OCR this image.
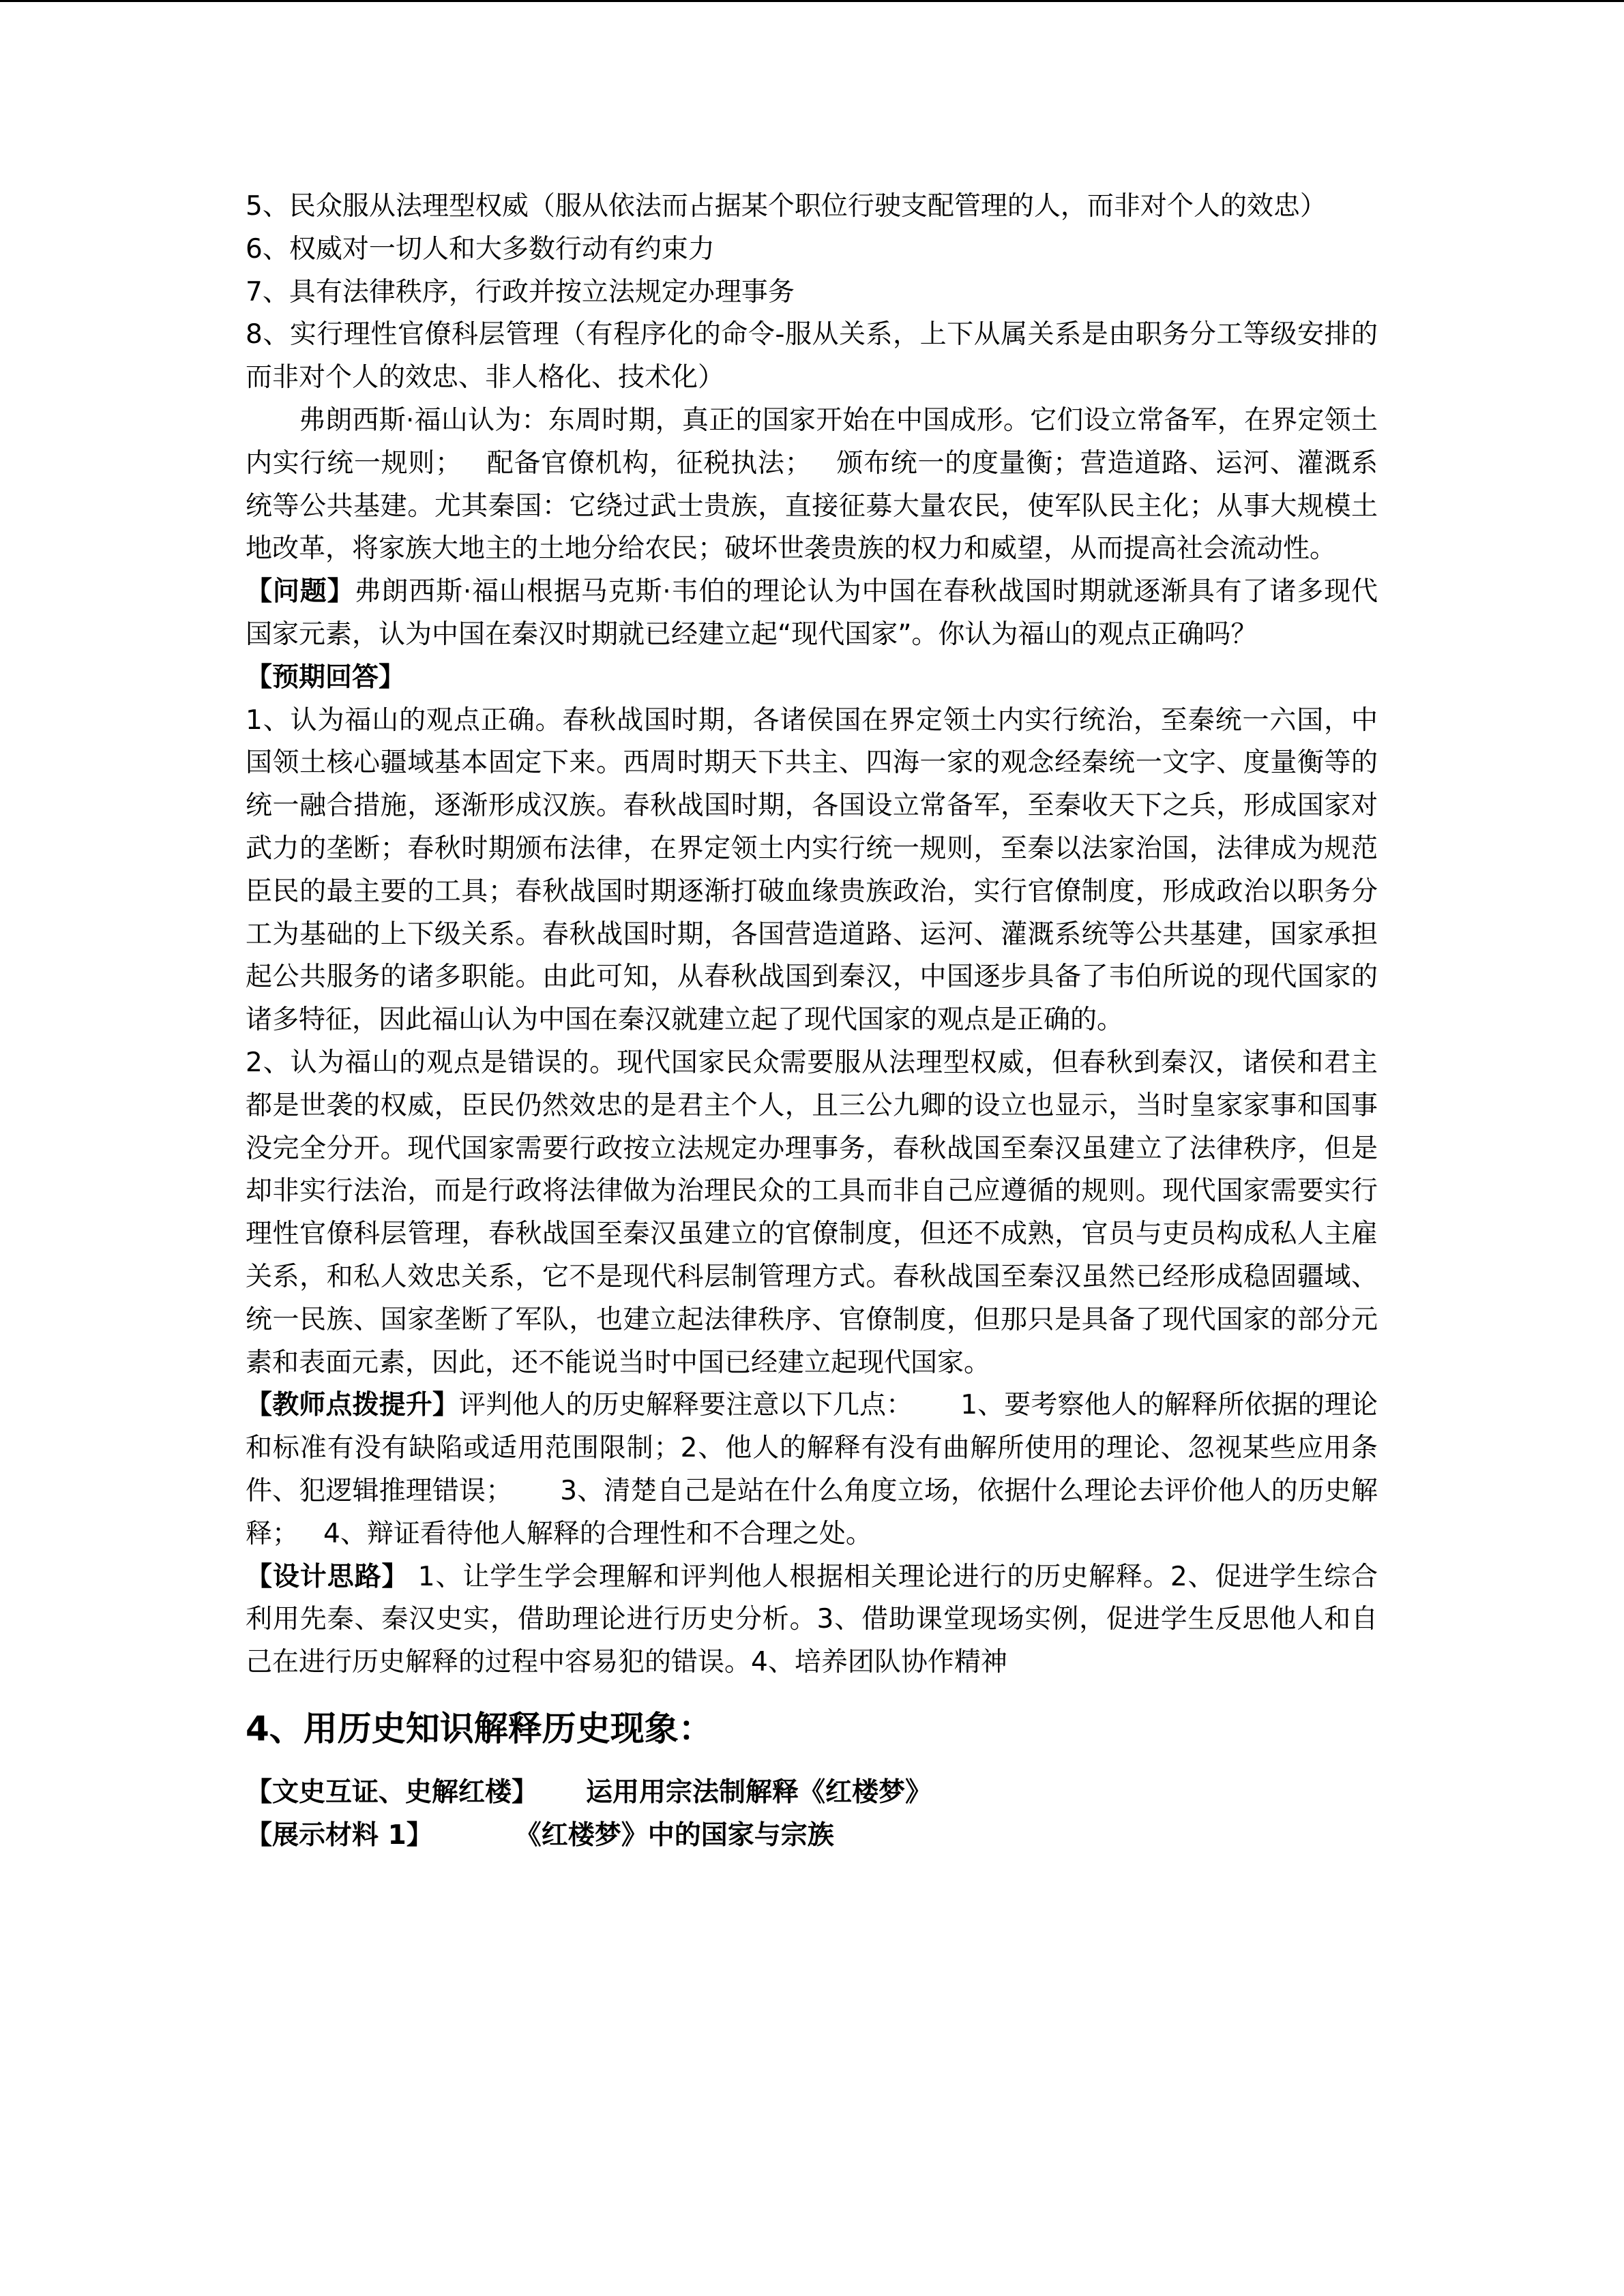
5、民众服从法理型权威（服从依法而占据某个职位行驶支配管理的人，而非对个人的效忠）

6、权威对一切人和大多数行动有约束力

7、具有法律秩序，行政并按立法规定办理事务

8、实行理性官僚科层管理（有程序化的命令-服从关系，上下从属关系是由职务分工等级安排的而非对个人的效忠、非人格化、技术化）

弗朗西斯·福山认为：东周时期，真正的国家开始在中国成形。它们设立常备军，在界定领土内实行统一规则； 配备官僚机构，征税执法； 颁布统一的度量衡；营造道路、运河、灌溉系统等公共基建。尤其秦国：它绕过武士贵族，直接征募大量农民，使军队民主化；从事大规模土地改革，将家族大地主的土地分给农民；破坏世袭贵族的权力和威望，从而提高社会流动性。

【问题】弗朗西斯·福山根据马克斯·韦伯的理论认为中国在春秋战国时期就逐渐具有了诸多现代国家元素，认为中国在秦汉时期就已经建立起“现代国家”。你认为福山的观点正确吗？

【预期回答】

1、认为福山的观点正确。春秋战国时期，各诸侯国在界定领土内实行统治，至秦统一六国，中国领土核心疆域基本固定下来。西周时期天下共主、四海一家的观念经秦统一文字、度量衡等的统一融合措施，逐渐形成汉族。春秋战国时期，各国设立常备军，至秦收天下之兵，形成国家对武力的垄断；春秋时期颁布法律，在界定领土内实行统一规则，至秦以法家治国，法律成为规范臣民的最主要的工具；春秋战国时期逐渐打破血缘贵族政治，实行官僚制度，形成政治以职务分工为基础的上下级关系。春秋战国时期，各国营造道路、运河、灌溉系统等公共基建，国家承担起公共服务的诸多职能。由此可知，从春秋战国到秦汉，中国逐步具备了韦伯所说的现代国家的诸多特征，因此福山认为中国在秦汉就建立起了现代国家的观点是正确的。

2、认为福山的观点是错误的。现代国家民众需要服从法理型权威，但春秋到秦汉，诸侯和君主都是世袭的权威，臣民仍然效忠的是君主个人，且三公九卿的设立也显示，当时皇家家事和国事没完全分开。现代国家需要行政按立法规定办理事务，春秋战国至秦汉虽建立了法律秩序，但是却非实行法治，而是行政将法律做为治理民众的工具而非自己应遵循的规则。现代国家需要实行理性官僚科层管理，春秋战国至秦汉虽建立的官僚制度，但还不成熟，官员与吏员构成私人主雇关系，和私人效忠关系，它不是现代科层制管理方式。春秋战国至秦汉虽然已经形成稳固疆域、统一民族、国家垄断了军队，也建立起法律秩序、官僚制度，但那只是具备了现代国家的部分元素和表面元素，因此，还不能说当时中国已经建立起现代国家。

【教师点拨提升】评判他人的历史解释要注意以下几点： 1、要考察他人的解释所依据的理论和标准有没有缺陷或适用范围限制；2、他人的解释有没有曲解所使用的理论、忽视某些应用条件、犯逻辑推理错误； 3、清楚自己是站在什么角度立场，依据什么理论去评价他人的历史解释； 4、辩证看待他人解释的合理性和不合理之处。

【设计思路】 1、让学生学会理解和评判他人根据相关理论进行的历史解释。2、促进学生综合利用先秦、秦汉史实，借助理论进行历史分析。3、借助课堂现场实例，促进学生反思他人和自己在进行历史解释的过程中容易犯的错误。4、培养团队协作精神

4、用历史知识解释历史现象：

【文史互证、史解红楼】 运用用宗法制解释《红楼梦》

【展示材料 1】	《红楼梦》中的国家与宗族
